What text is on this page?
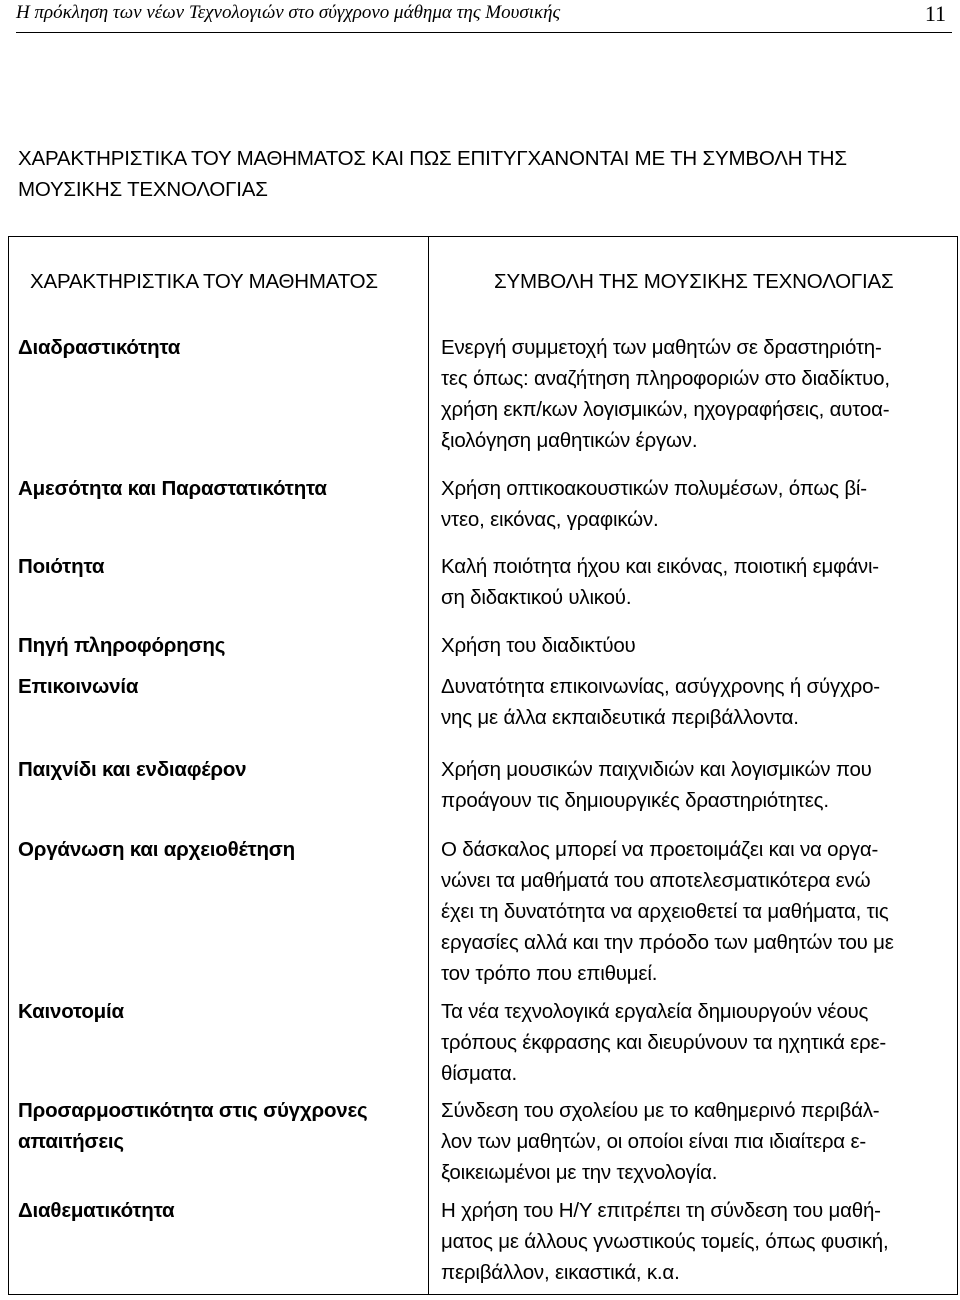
Η πρόκληση των νέων Τεχνολογιών στο σύγχρονο μάθημα της Μουσικής	11
ΧΑΡΑΚΤΗΡΙΣΤΙΚΑ ΤΟΥ ΜΑΘΗΜΑΤΟΣ ΚΑΙ ΠΩΣ ΕΠΙΤΥΓΧΑΝΟΝΤΑΙ ΜΕ ΤΗ ΣΥΜΒΟΛΗ ΤΗΣ
ΜΟΥΣΙΚΗΣ ΤΕΧΝΟΛΟΓΙΑΣ
ΧΑΡΑΚΤΗΡΙΣΤΙΚΑ ΤΟΥ ΜΑΘΗΜΑΤΟΣ	ΣΥΜΒΟΛΗ ΤΗΣ ΜΟΥΣΙΚΗΣ ΤΕΧΝΟΛΟΓΙΑΣ
Διαδραστικότητα
Αμεσότητα και Παραστατικότητα
Ποιότητα
Πηγή πληροφόρησης
Επικοινωνία
Παιχνίδι και ενδιαφέρον
Οργάνωση και αρχειοθέτηση
Καινοτομία
Προσαρμοστικότητα στις σύγχρονες
απαιτήσεις
Διαθεματικότητα
Ενεργή συμμετοχή των μαθητών σε δραστηριότη-
τες όπως: αναζήτηση πληροφοριών στο διαδίκτυο,
χρήση εκπ/κων λογισμικών, ηχογραφήσεις, αυτοα-
ξιολόγηση μαθητικών έργων.
Χρήση οπτικοακουστικών πολυμέσων, όπως βί-
ντεο, εικόνας, γραφικών.
Καλή ποιότητα ήχου και εικόνας, ποιοτική εμφάνι-
ση διδακτικού υλικού.
Χρήση του διαδικτύου
Δυνατότητα επικοινωνίας, ασύγχρονης ή σύγχρο-
νης με άλλα εκπαιδευτικά περιβάλλοντα.
Χρήση μουσικών παιχνιδιών και λογισμικών που
προάγουν τις δημιουργικές δραστηριότητες.
Ο δάσκαλος μπορεί να προετοιμάζει και να οργα-
νώνει τα μαθήματά του αποτελεσματικότερα ενώ
έχει τη δυνατότητα να αρχειοθετεί τα μαθήματα, τις
εργασίες αλλά και την πρόοδο των μαθητών του με
τον τρόπο που επιθυμεί.
Τα νέα τεχνολογικά εργαλεία δημιουργούν νέους
τρόπους έκφρασης και διευρύνουν τα ηχητικά ερε-
θίσματα.
Σύνδεση του σχολείου με το καθημερινό περιβάλ-
λον των μαθητών, οι οποίοι είναι πια ιδιαίτερα ε-
ξοικειωμένοι με την τεχνολογία.
Η χρήση του Η/Υ επιτρέπει τη σύνδεση του μαθή-
ματος με άλλους γνωστικούς τομείς, όπως φυσική,
περιβάλλον, εικαστικά, κ.α.
